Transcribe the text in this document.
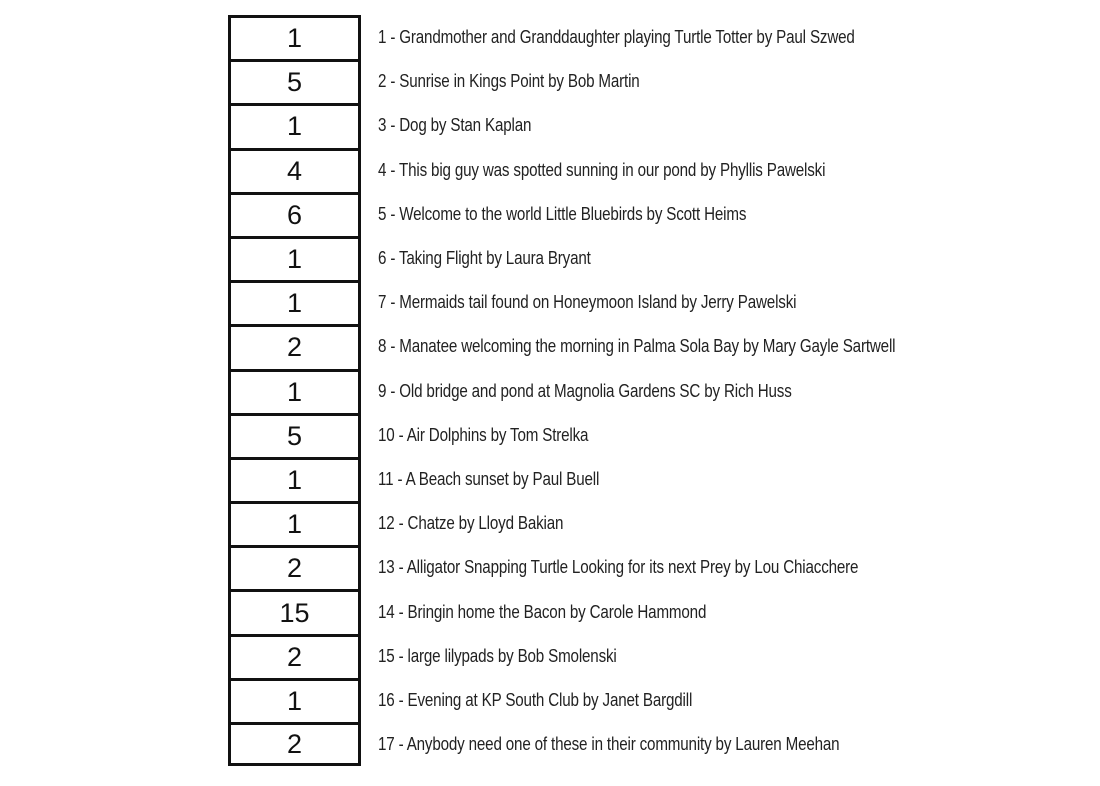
1	1 - Grandmother and Granddaughter playing Turtle Totter by Paul Szwed
5	2 - Sunrise in Kings Point by Bob Martin
1	3 - Dog by Stan Kaplan
4	4 - This big guy was spotted sunning in our pond by Phyllis Pawelski
6	5 - Welcome to the world Little Bluebirds by Scott Heims
1	6 - Taking Flight by Laura Bryant
1	7 - Mermaids tail found on Honeymoon Island by Jerry Pawelski
2	8 - Manatee welcoming the morning in Palma Sola Bay by Mary Gayle Sartwell
1	9 - Old bridge and pond at Magnolia Gardens SC by Rich Huss
5	10 - Air Dolphins by Tom Strelka
1	11 - A Beach sunset by Paul Buell
1	12 - Chatze by Lloyd Bakian
2	13 - Alligator Snapping Turtle Looking for its next Prey by Lou Chiacchere
15	14 - Bringin home the Bacon by Carole Hammond
2	15 - large lilypads by Bob Smolenski
1	16 - Evening at KP South Club by Janet Bargdill
2	17 - Anybody need one of these in their community by Lauren Meehan
